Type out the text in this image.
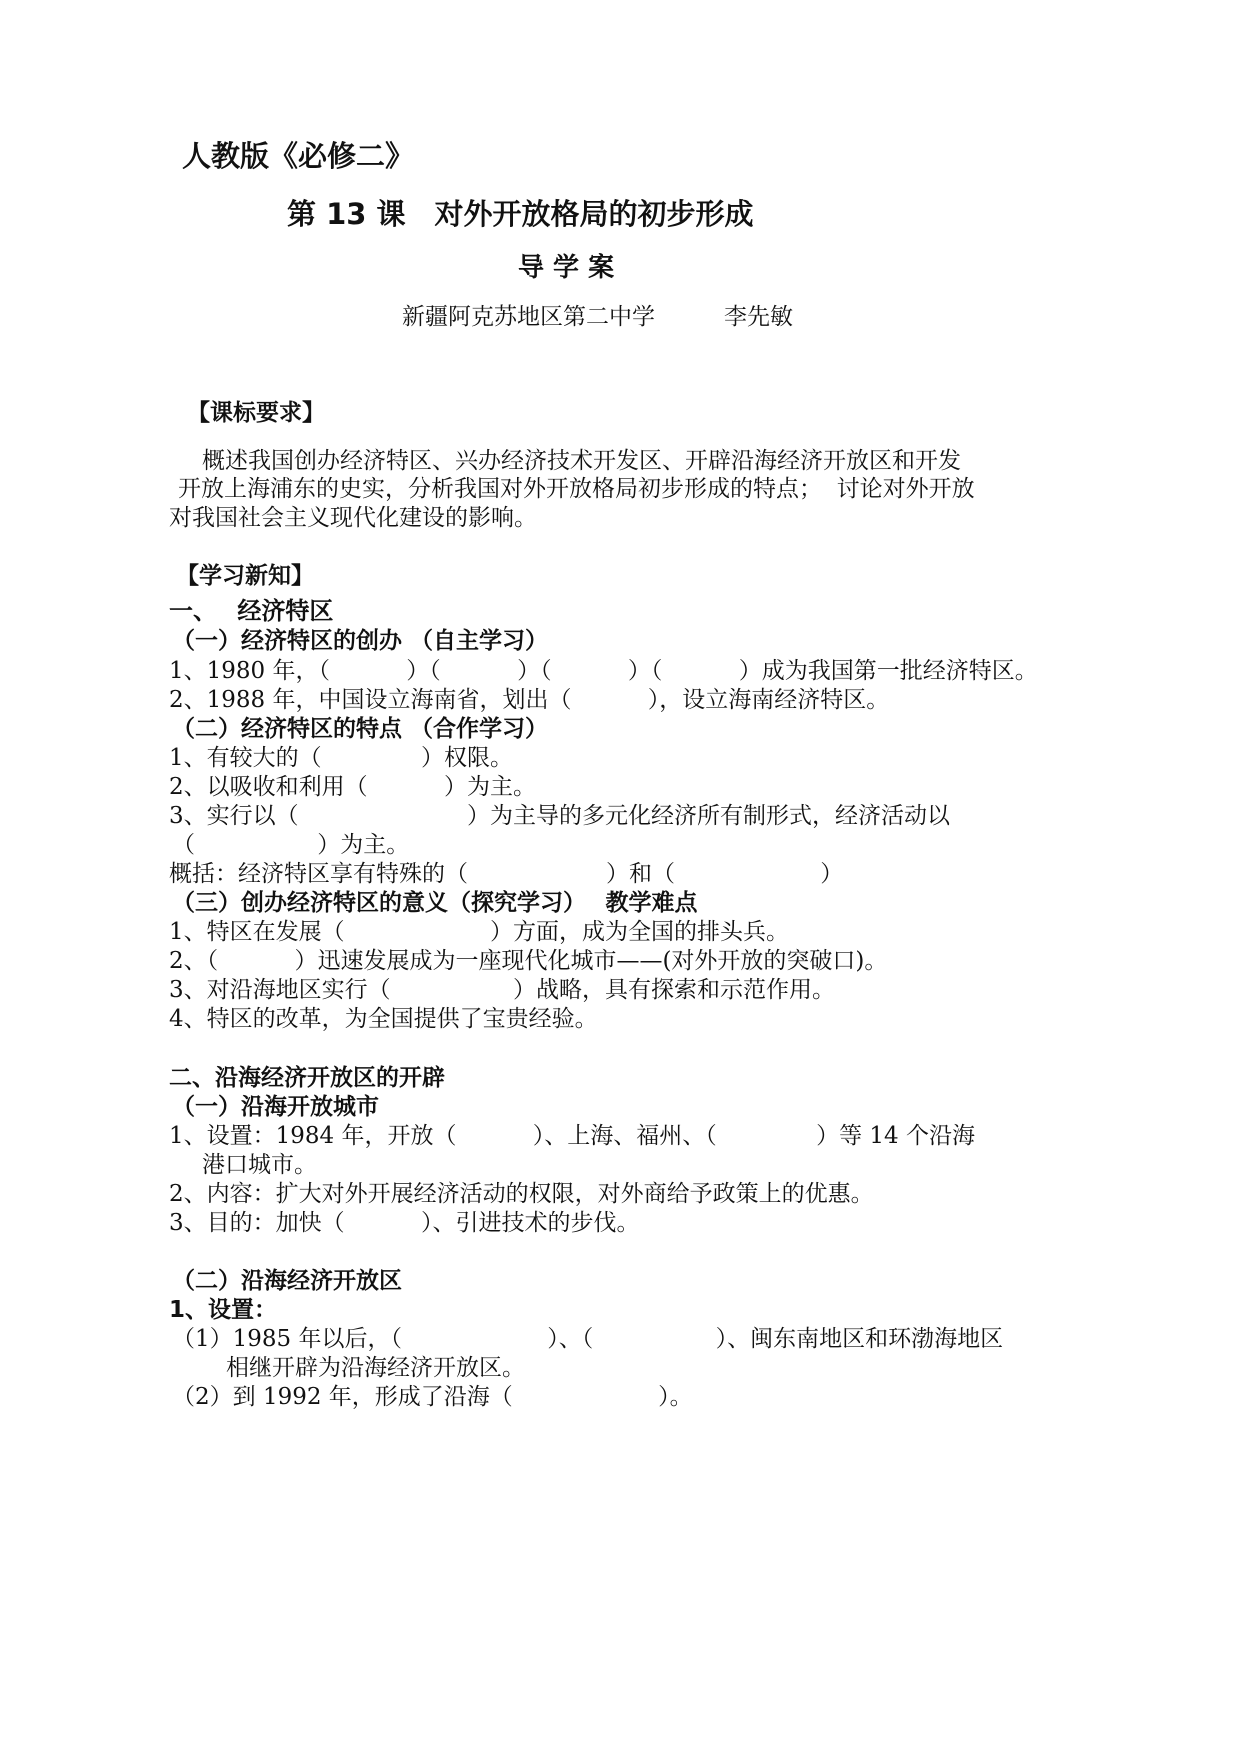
人教版《必修二》
第 13 课　对外开放格局的初步形成
导 学 案
新疆阿克苏地区第二中学　　　李先敏
【课标要求】
概述我国创办经济特区、兴办经济技术开发区、开辟沿海经济开放区和开发
开放上海浦东的史实，分析我国对外开放格局初步形成的特点；  讨论对外开放
对我国社会主义现代化建设的影响。
【学习新知】
一、　 经济特区
（一）经济特区的创办 （自主学习）
1、1980 年，（　　　 ）（　　　 ）（　　　 ）（　　　 ）成为我国第一批经济特区。
2、1988 年，中国设立海南省，划出（　　　 ），设立海南经济特区。
（二）经济特区的特点 （合作学习）
1、有较大的（　　　　 ）权限。
2、以吸收和利用（　　　 ）为主。
3、实行以（　　　　　　　 ）为主导的多元化经济所有制形式，经济活动以
（　　　　　 ）为主。
概括：经济特区享有特殊的（　　　　　　）和（　　　　　　 ）
（三）创办经济特区的意义（探究学习）　 教学难点
1、特区在发展（　　　　　　 ）方面，成为全国的排头兵。
2、（　　　 ）迅速发展成为一座现代化城市——(对外开放的突破口)。
3、对沿海地区实行（　　　　　 ）战略，具有探索和示范作用。
4、特区的改革，为全国提供了宝贵经验。
二、沿海经济开放区的开辟
（一）沿海开放城市
1、设置：1984 年，开放（　　　 ）、上海、福州、（　　　　 ）等 14 个沿海
港口城市。
2、内容：扩大对外开展经济活动的权限，对外商给予政策上的优惠。
3、目的：加快（　　　 ）、引进技术的步伐。
（二）沿海经济开放区
1、设置：
（1）1985 年以后，（　　　　　　 ）、（　　　　　 ）、闽东南地区和环渤海地区
相继开辟为沿海经济开放区。
（2）到 1992 年，形成了沿海（　　　　　　 ）。
